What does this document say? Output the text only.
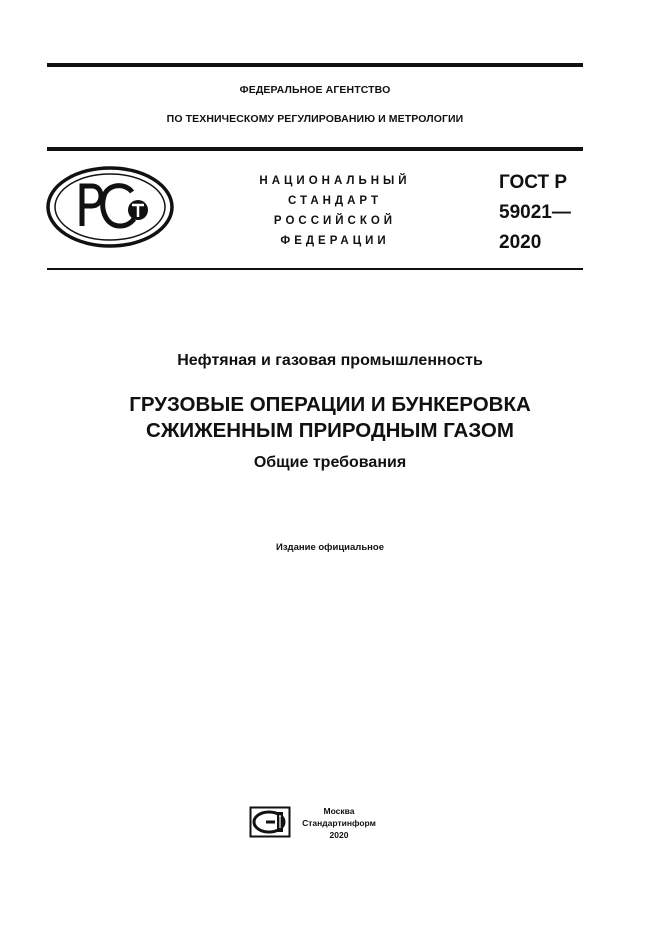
ФЕДЕРАЛЬНОЕ АГЕНТСТВО
ПО ТЕХНИЧЕСКОМУ РЕГУЛИРОВАНИЮ И МЕТРОЛОГИИ
НАЦИОНАЛЬНЫЙ
СТАНДАРТ
РОССИЙСКОЙ
ФЕДЕРАЦИИ
ГОСТ Р
59021—
2020
Нефтяная и газовая промышленность
ГРУЗОВЫЕ ОПЕРАЦИИ И БУНКЕРОВКА
СЖИЖЕННЫМ ПРИРОДНЫМ ГАЗОМ
Общие требования
Издание официальное
Москва
Стандартинформ
2020
